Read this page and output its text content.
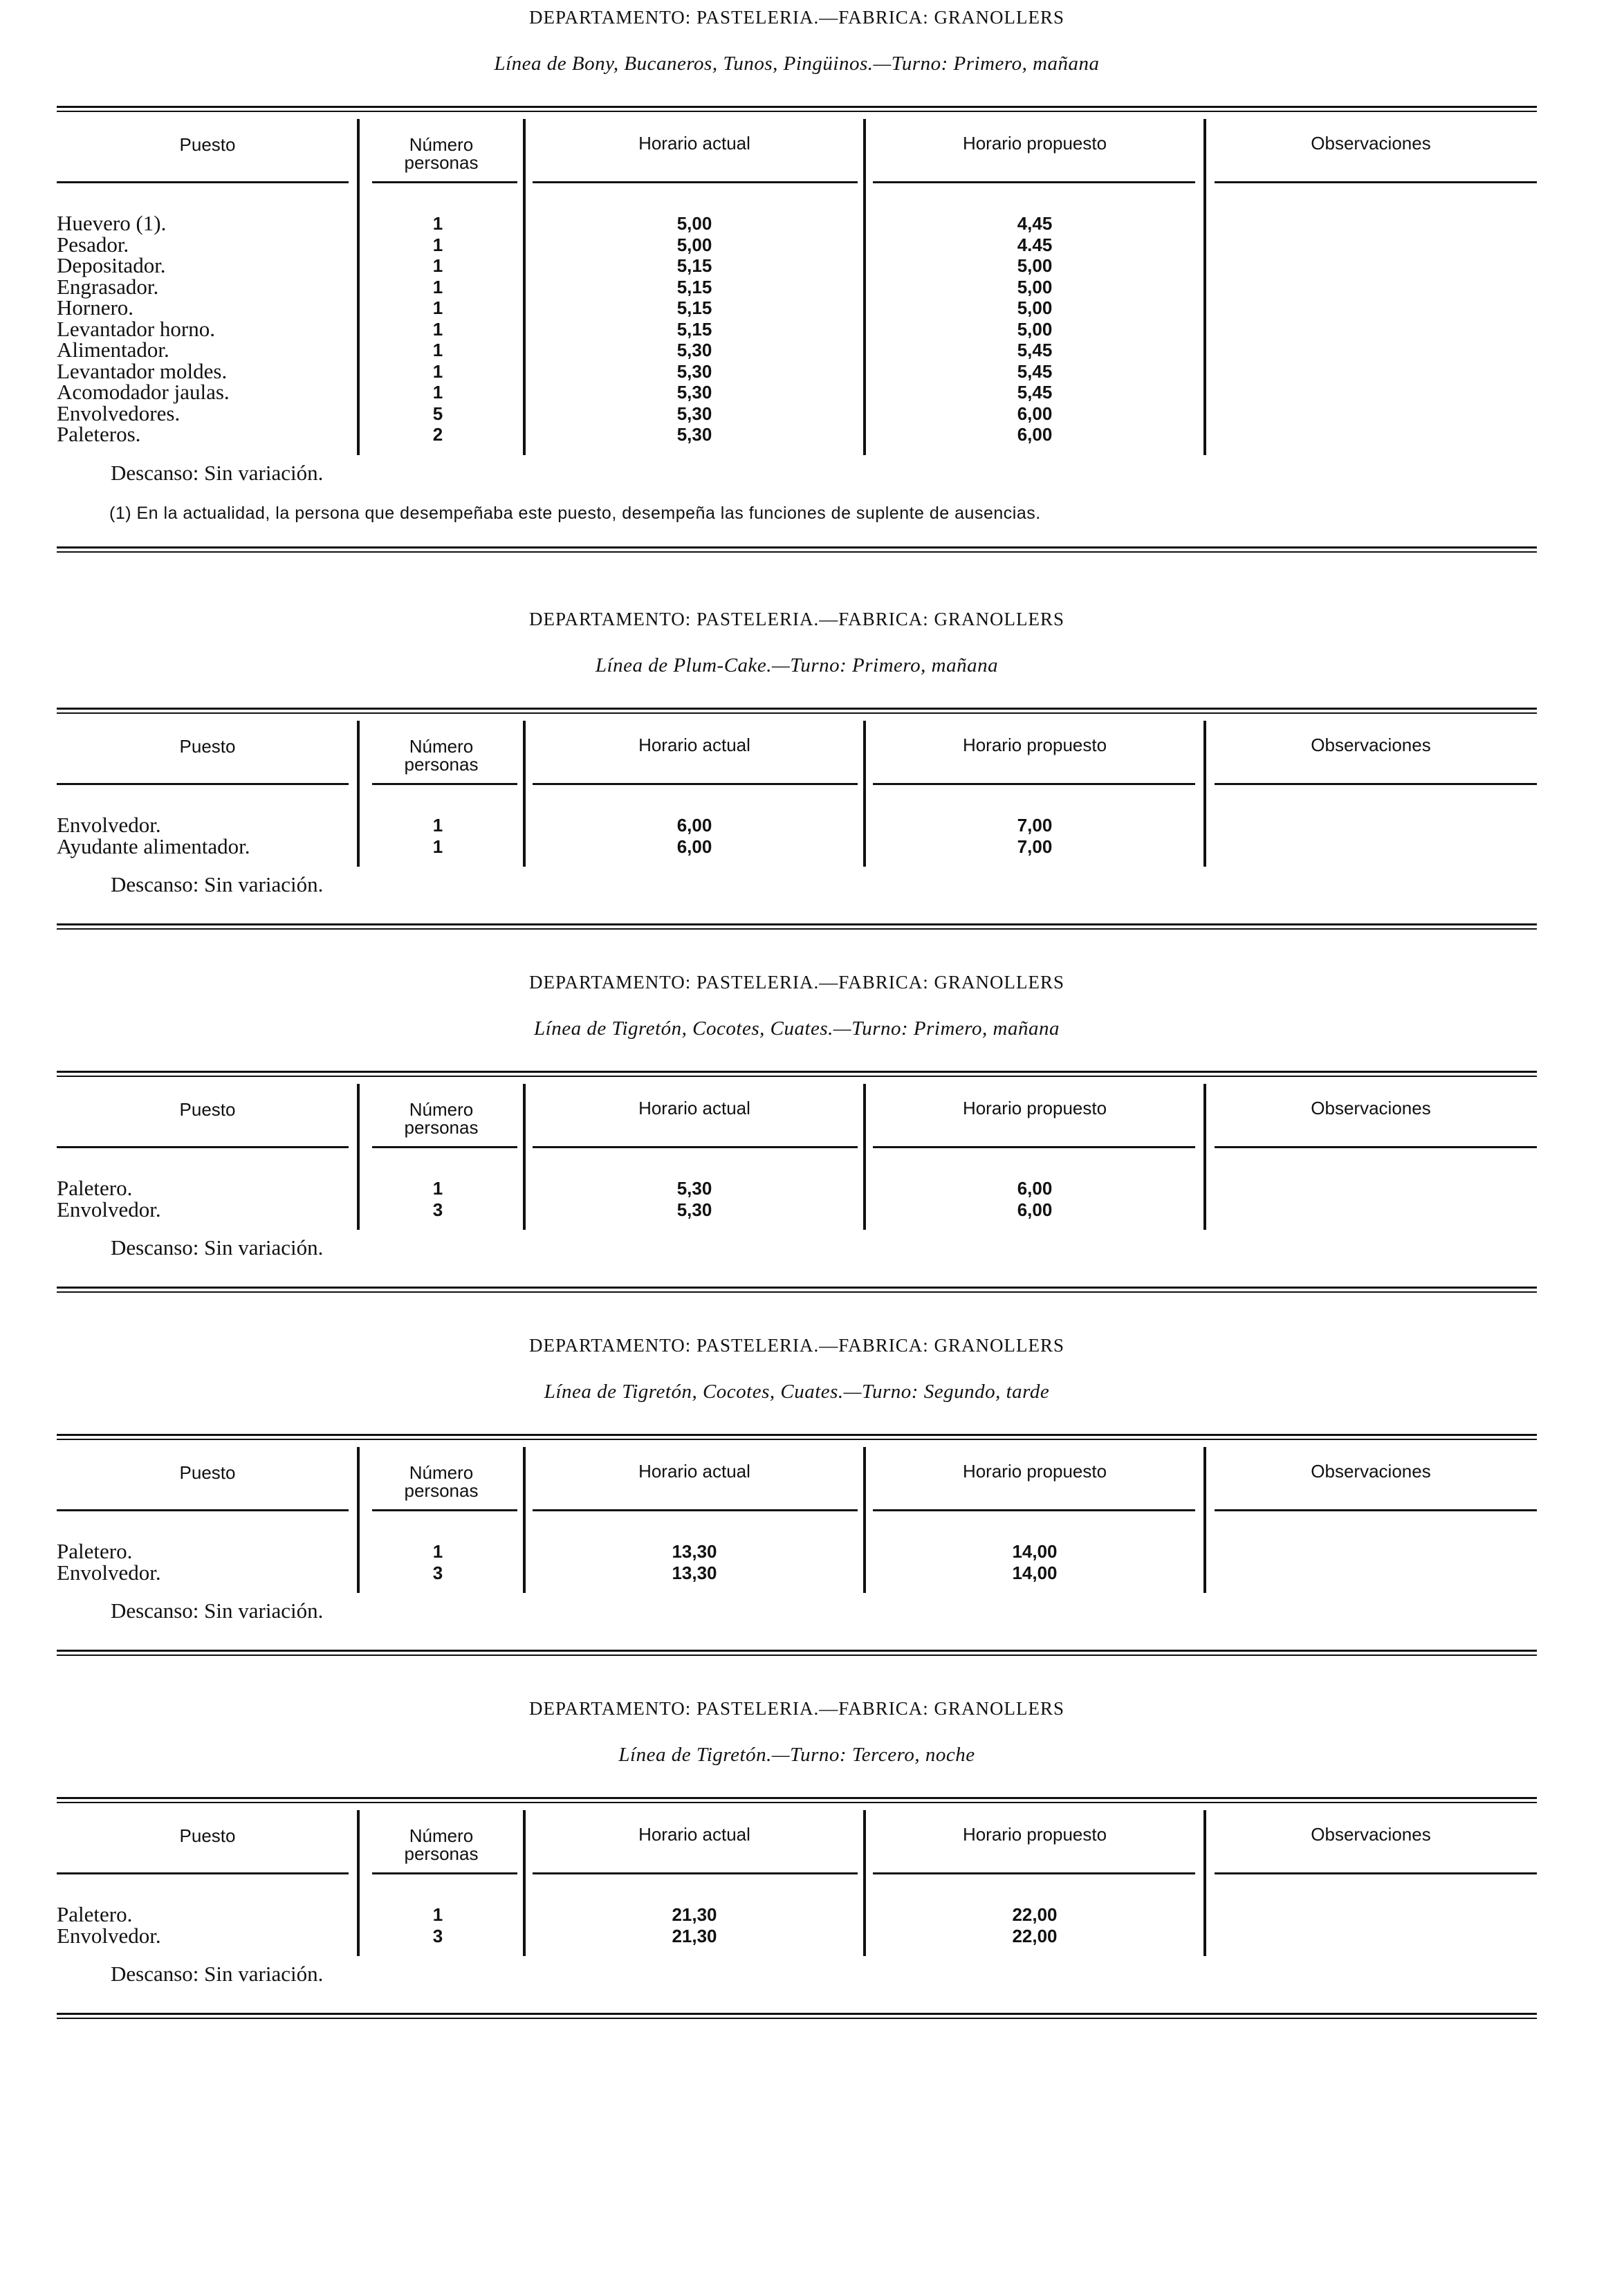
DEPARTAMENTO: PASTELERIA.—FABRICA: GRANOLLERS
Línea de Bony, Bucaneros, Tunos, Pingüinos.—Turno: Primero, mañana
Puesto	Número
personas
Horario actual	Horario propuesto	Observaciones
Huevero (1).	1	5,00	4,45
Pesador.	1	5,00	4.45
Depositador.	1	5,15	5,00
Engrasador.	1	5,15	5,00
Hornero.	1	5,15	5,00
Levantador horno.	1	5,15	5,00
Alimentador.	1	5,30	5,45
Levantador moldes.	1	5,30	5,45
Acomodador jaulas.	1	5,30	5,45
Envolvedores.	5	5,30	6,00
Paleteros.	2	5,30	6,00
Descanso: Sin variación.
(1) En la actualidad, la persona que desempeñaba este puesto, desempeña las funciones de suplente de ausencias.
DEPARTAMENTO: PASTELERIA.—FABRICA: GRANOLLERS
Línea de Plum-Cake.—Turno: Primero, mañana
Puesto	Número
personas
Horario actual	Horario propuesto	Observaciones
Envolvedor.	1	6,00	7,00
Ayudante alimentador.	1	6,00	7,00
Descanso: Sin variación.
DEPARTAMENTO: PASTELERIA.—FABRICA: GRANOLLERS
Línea de Tigretón, Cocotes, Cuates.—Turno: Primero, mañana
Puesto	Número
personas
Horario actual	Horario propuesto	Observaciones
Paletero.	1	5,30	6,00
Envolvedor.	3	5,30	6,00
Descanso: Sin variación.
DEPARTAMENTO: PASTELERIA.—FABRICA: GRANOLLERS
Línea de Tigretón, Cocotes, Cuates.—Turno: Segundo, tarde
Puesto	Número
personas
Horario actual	Horario propuesto	Observaciones
Paletero.	1	13,30	14,00
Envolvedor.	3	13,30	14,00
Descanso: Sin variación.
DEPARTAMENTO: PASTELERIA.—FABRICA: GRANOLLERS
Línea de Tigretón.—Turno: Tercero, noche
Puesto	Número
personas
Horario actual	Horario propuesto	Observaciones
Paletero.	1	21,30	22,00
Envolvedor.	3	21,30	22,00
Descanso: Sin variación.
